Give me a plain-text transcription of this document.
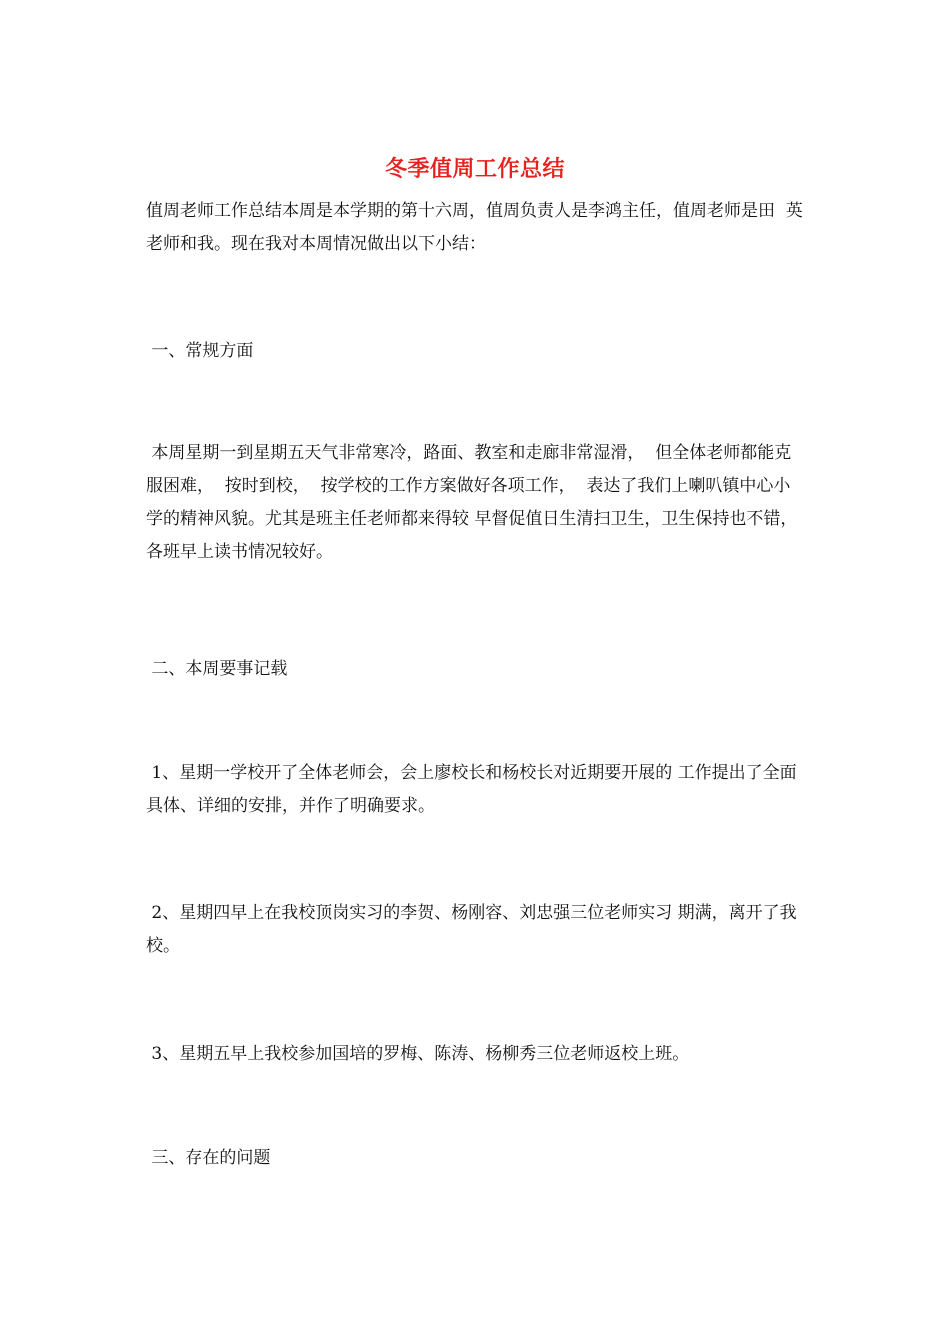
冬季值周工作总结
值周老师工作总结本周是本学期的第十六周，值周负责人是李鸿主任，值周老师是田  英老师和我。现在我对本周情况做出以下小结：
一、常规方面
本周星期一到星期五天气非常寒冷，路面、教室和走廊非常湿滑，  但全体老师都能克服困难，  按时到校，  按学校的工作方案做好各项工作，  表达了我们上喇叭镇中心小学的精神风貌。尤其是班主任老师都来得较 早督促值日生清扫卫生，卫生保持也不错，各班早上读书情况较好。
二、本周要事记载
1、星期一学校开了全体老师会，会上廖校长和杨校长对近期要开展的 工作提出了全面具体、详细的安排，并作了明确要求。
2、星期四早上在我校顶岗实习的李贺、杨刚容、刘忠强三位老师实习 期满，离开了我校。
3、星期五早上我校参加国培的罗梅、陈涛、杨柳秀三位老师返校上班。
三、存在的问题
